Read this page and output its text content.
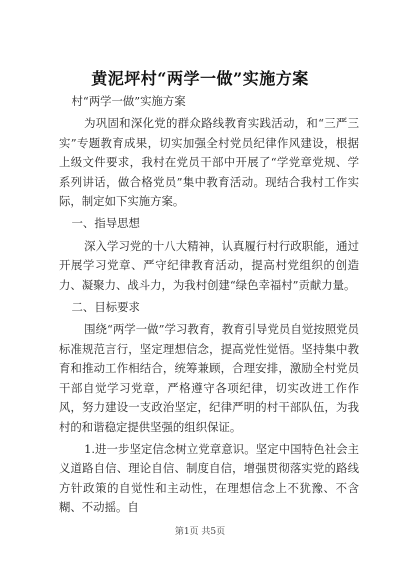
黄泥坪村“两学一做”实施方案

村“两学一做”实施方案

为巩固和深化党的群众路线教育实践活动，和“三严三实”专题教育成果，切实加强全村党员纪律作风建设，根据上级文件要求，我村在党员干部中开展了“学党章党规、学系列讲话，做合格党员”集中教育活动。现结合我村工作实际，制定如下实施方案。

一、指导思想

深入学习党的十八大精神，认真履行村行政职能，通过开展学习党章、严守纪律教育活动，提高村党组织的创造力、凝聚力、战斗力，为我村创建“绿色幸福村”贡献力量。

二、目标要求

围绕“两学一做”学习教育，教育引导党员自觉按照党员标准规范言行，坚定理想信念，提高党性觉悟。坚持集中教育和推动工作相结合，统筹兼顾，合理安排，激励全村党员干部自觉学习党章，严格遵守各项纪律，切实改进工作作风，努力建设一支政治坚定，纪律严明的村干部队伍，为我村的和谐稳定提供坚强的组织保证。

1.进一步坚定信念树立党章意识。坚定中国特色社会主义道路自信、理论自信、制度自信，增强贯彻落实党的路线方针政策的自觉性和主动性，在理想信念上不犹豫、不含糊、不动摇。自

第1页 共5页
